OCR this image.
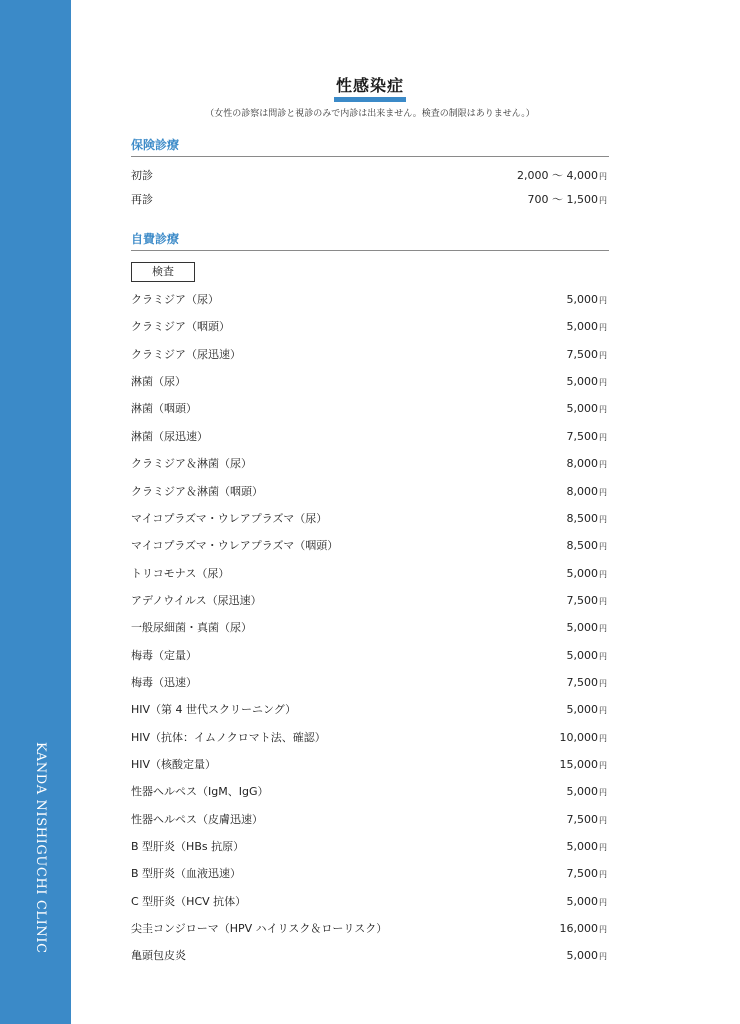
KANDA NISHIGUCHI CLINIC
性感染症
（女性の診察は問診と視診のみで内診は出来ません。検査の制限はありません。）
保険診療
初診	2,000 ～ 4,000円
再診	700 ～ 1,500円
自費診療
検査
クラミジア（尿）	5,000円
クラミジア（咽頭）	5,000円
クラミジア（尿迅速）	7,500円
淋菌（尿）	5,000円
淋菌（咽頭）	5,000円
淋菌（尿迅速）	7,500円
クラミジア＆淋菌（尿）	8,000円
クラミジア＆淋菌（咽頭）	8,000円
マイコプラズマ・ウレアプラズマ（尿）	8,500円
マイコプラズマ・ウレアプラズマ（咽頭）	8,500円
トリコモナス（尿）	5,000円
アデノウイルス（尿迅速）	7,500円
一般尿細菌・真菌（尿）	5,000円
梅毒（定量）	5,000円
梅毒（迅速）	7,500円
HIV（第 4 世代スクリーニング）	5,000円
HIV（抗体：イムノクロマト法、確認）	10,000円
HIV（核酸定量）	15,000円
性器ヘルペス（IgM、IgG）	5,000円
性器ヘルペス（皮膚迅速）	7,500円
B 型肝炎（HBs 抗原）	5,000円
B 型肝炎（血液迅速）	7,500円
C 型肝炎（HCV 抗体）	5,000円
尖圭コンジローマ（HPV ハイリスク＆ローリスク）	16,000円
亀頭包皮炎	5,000円
